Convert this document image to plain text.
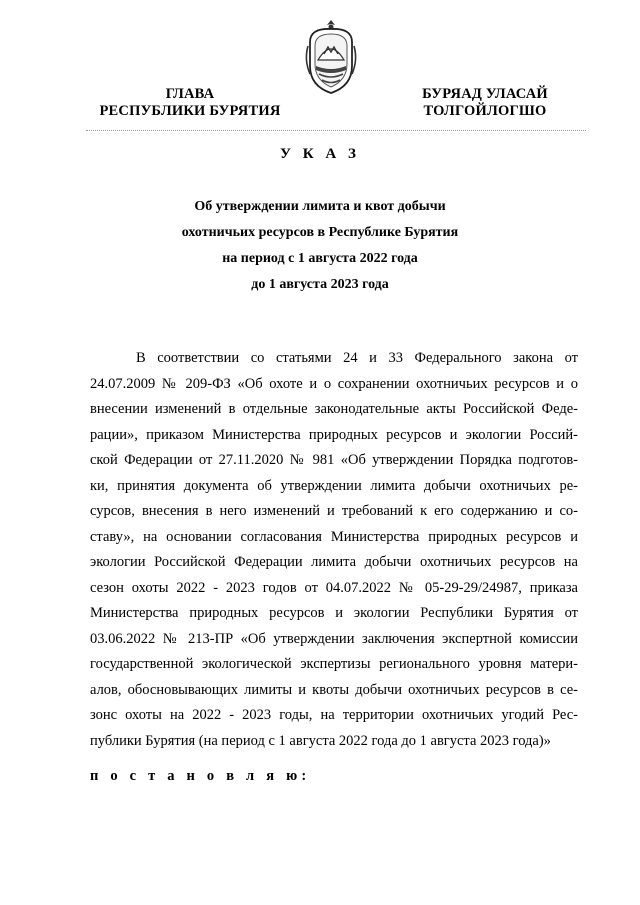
ГЛАВА
РЕСПУБЛИКИ БУРЯТИЯ
БУРЯАД УЛАСАЙ
ТОЛГОЙЛОГШО
У К А З
Об утверждении лимита и квот добычи
охотничьих ресурсов в Республике Бурятия
на период с 1 августа 2022 года
до 1 августа 2023 года
В соответствии со статьями 24 и 33 Федерального закона от
24.07.2009 № 209-ФЗ «Об охоте и о сохранении охотничьих ресурсов и о
внесении изменений в отдельные законодательные акты Российской Феде-
рации», приказом Министерства природных ресурсов и экологии Россий-
ской Федерации от 27.11.2020 № 981 «Об утверждении Порядка подготов-
ки, принятия документа об утверждении лимита добычи охотничьих ре-
сурсов, внесения в него изменений и требований к его содержанию и со-
ставу», на основании согласования Министерства природных ресурсов и
экологии Российской Федерации лимита добычи охотничьих ресурсов на
сезон охоты 2022 - 2023 годов от 04.07.2022 № 05-29-29/24987, приказа
Министерства природных ресурсов и экологии Республики Бурятия от
03.06.2022 № 213-ПР «Об утверждении заключения экспертной комиссии
государственной экологической экспертизы регионального уровня матери-
алов, обосновывающих лимиты и квоты добычи охотничьих ресурсов в се-
зонс охоты на 2022 - 2023 годы, на территории охотничьих угодий Рес-
публики Бурятия (на период с 1 августа 2022 года до 1 августа 2023 года)»
п о с т а н о в л я ю:
